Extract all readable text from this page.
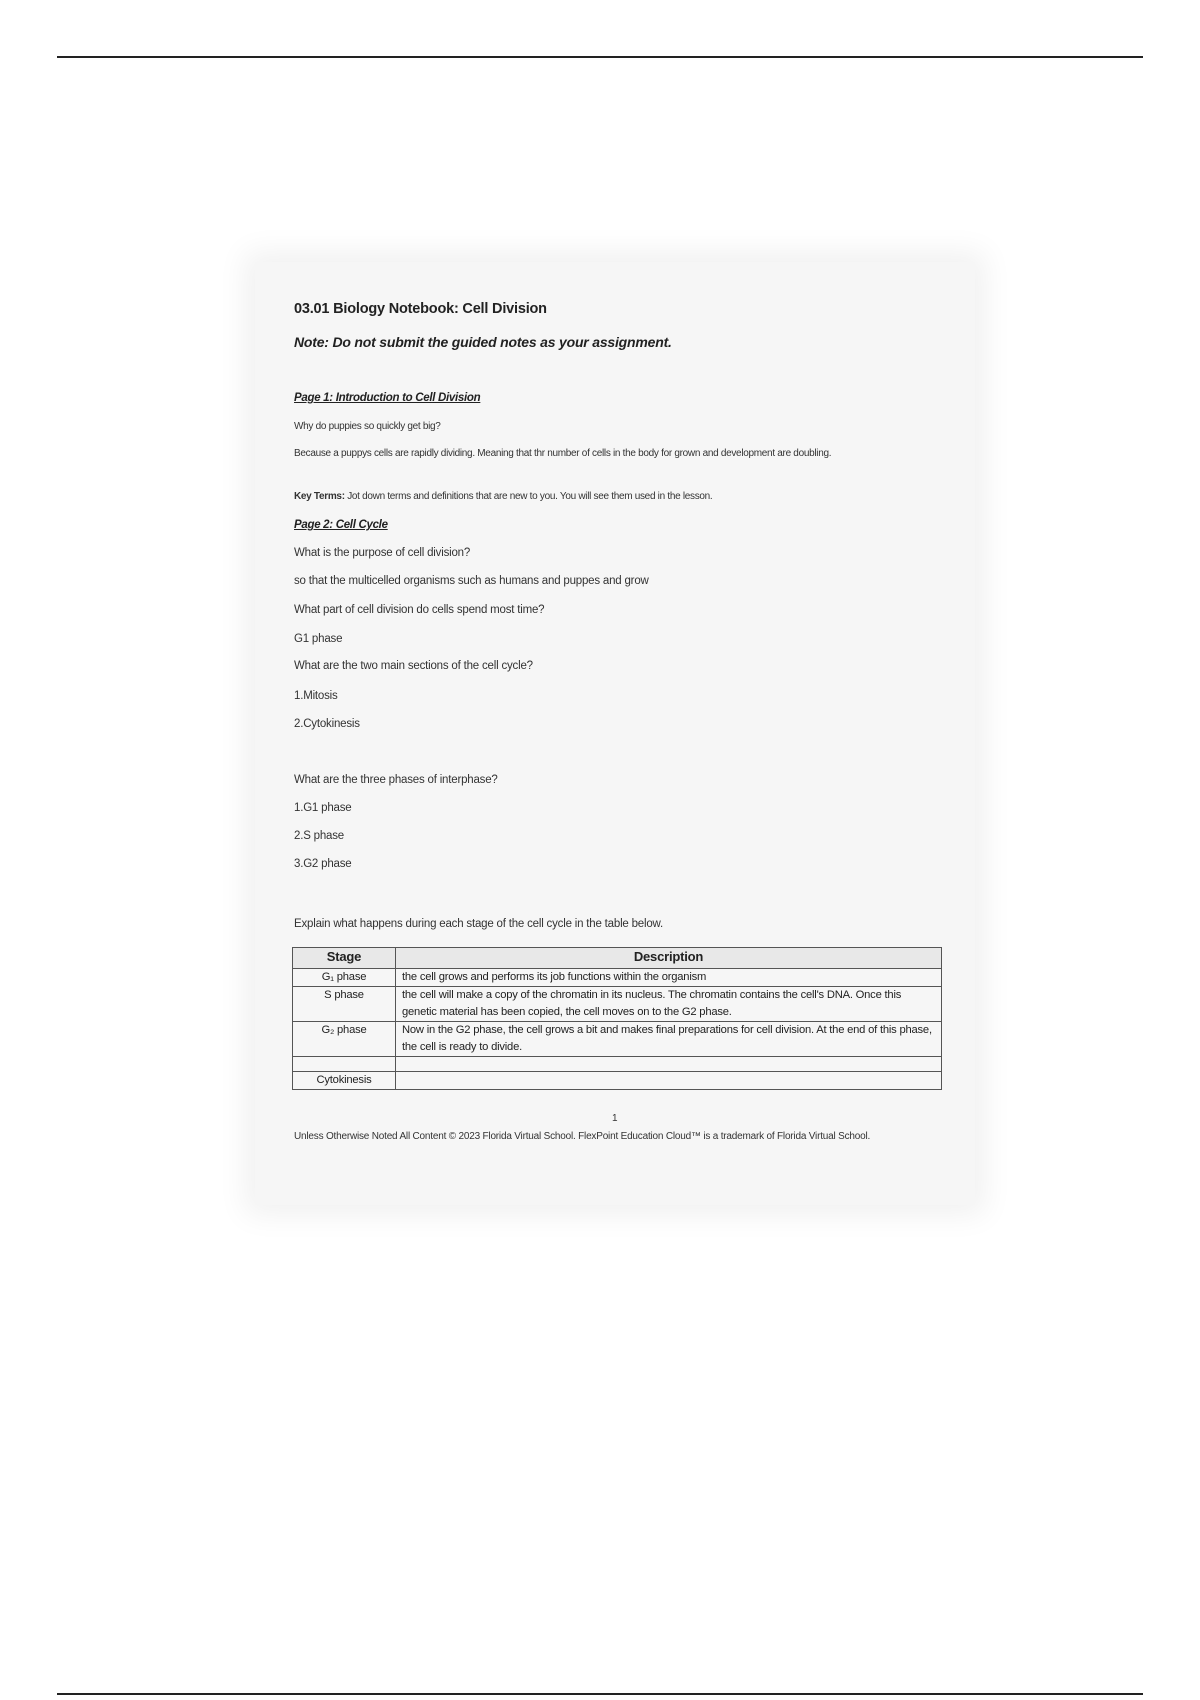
03.01 Biology Notebook: Cell Division
Note: Do not submit the guided notes as your assignment.
Page 1: Introduction to Cell Division
Why do puppies so quickly get big?
Because a puppys cells are rapidly dividing. Meaning that thr number of cells in the body for grown and development are doubling.
Key Terms: Jot down terms and definitions that are new to you. You will see them used in the lesson.
Page 2: Cell Cycle
What is the purpose of cell division?
so that the multicelled organisms such as humans and puppes and grow
What part of cell division do cells spend most time?
G1 phase
What are the two main sections of the cell cycle?
1.Mitosis
2.Cytokinesis
What are the three phases of interphase?
1.G1 phase
2.S phase
3.G2 phase
Explain what happens during each stage of the cell cycle in the table below.
Stage	Description
G₁ phase	the cell grows and performs its job functions within the organism
S phase	the cell will make a copy of the chromatin in its nucleus. The chromatin contains the cell's DNA. Once this genetic material has been copied, the cell moves on to the G2 phase.
G₂ phase	Now in the G2 phase, the cell grows a bit and makes final preparations for cell division. At the end of this phase, the cell is ready to divide.

Cytokinesis	
1
Unless Otherwise Noted All Content © 2023 Florida Virtual School. FlexPoint Education Cloud™ is a trademark of Florida Virtual School.
